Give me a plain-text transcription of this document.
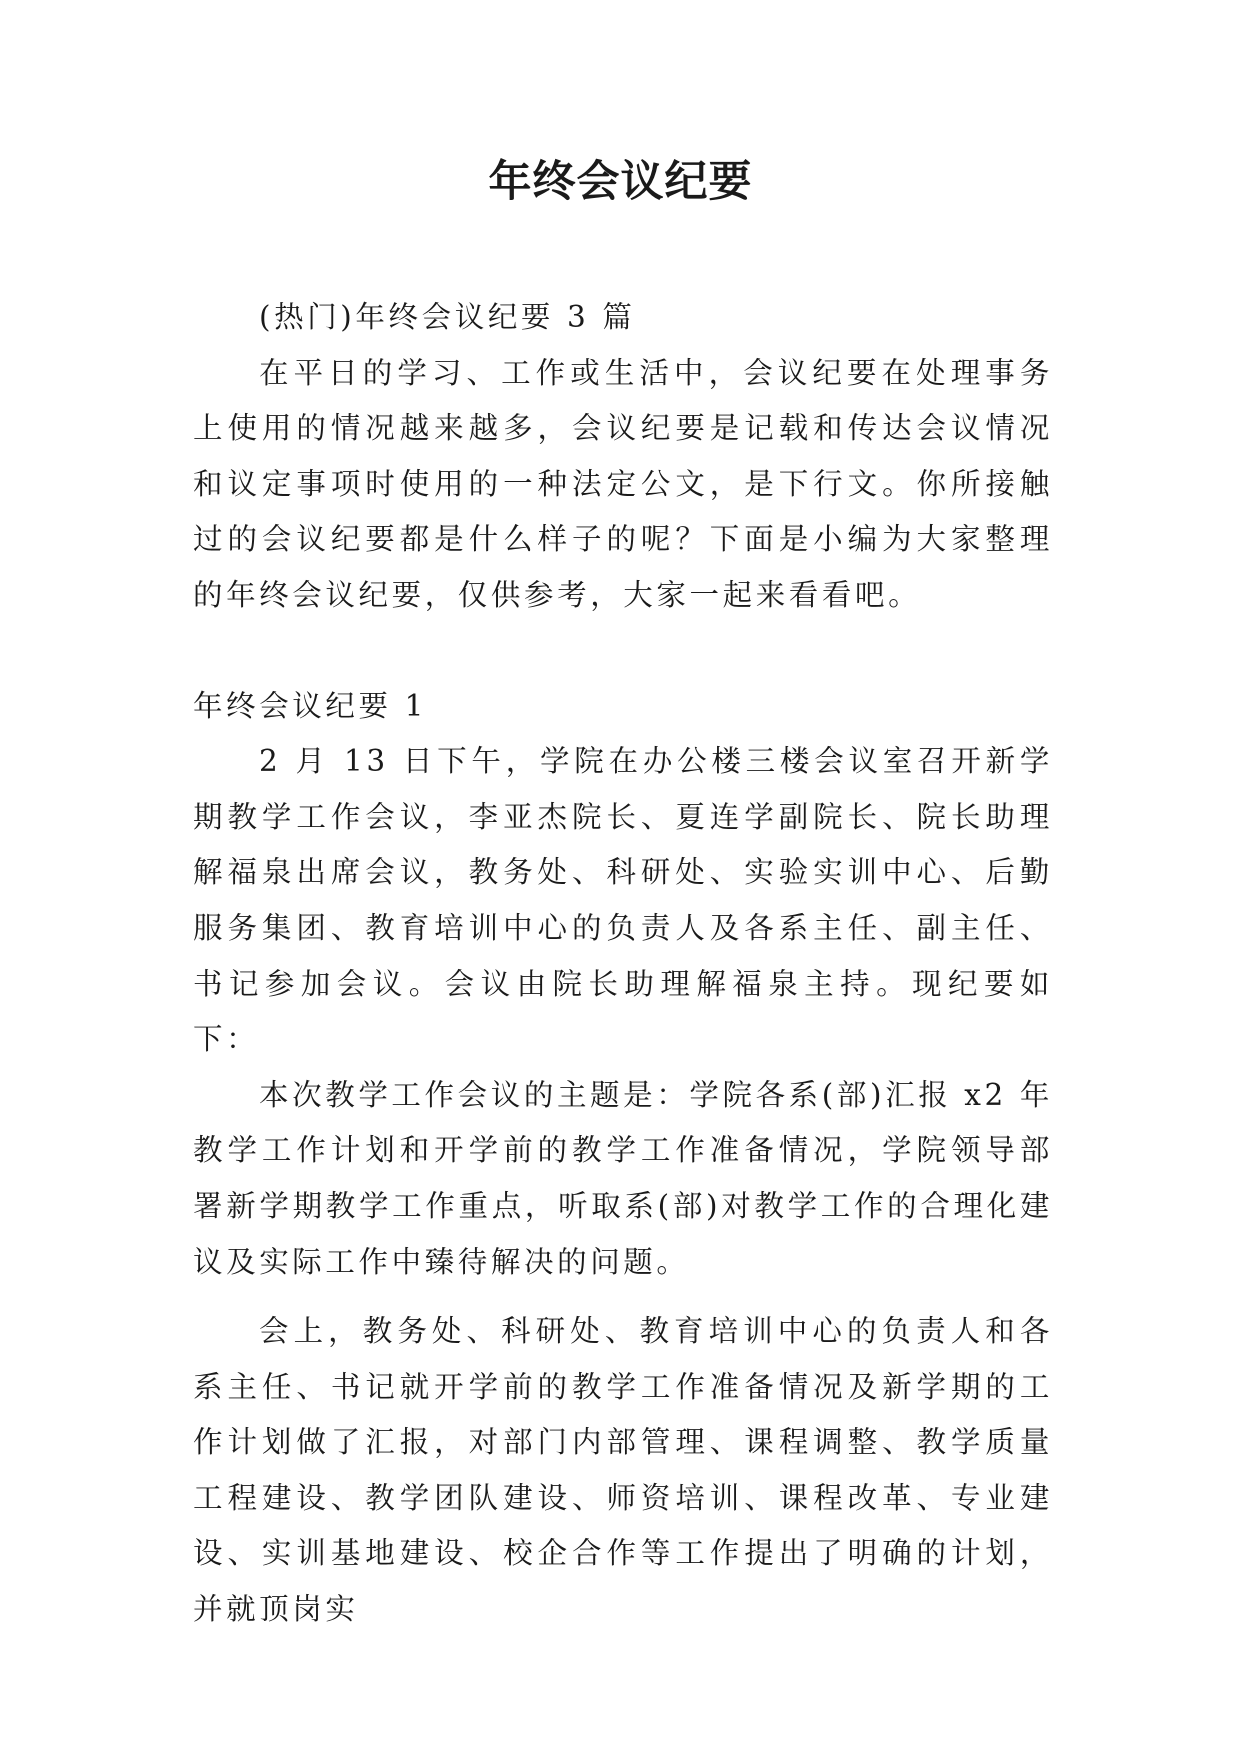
年终会议纪要

(热门)年终会议纪要 3 篇

在平日的学习、工作或生活中，会议纪要在处理事务上使用的情况越来越多，会议纪要是记载和传达会议情况和议定事项时使用的一种法定公文，是下行文。你所接触过的会议纪要都是什么样子的呢？下面是小编为大家整理的年终会议纪要，仅供参考，大家一起来看看吧。

年终会议纪要 1

2 月 13 日下午，学院在办公楼三楼会议室召开新学期教学工作会议，李亚杰院长、夏连学副院长、院长助理解福泉出席会议，教务处、科研处、实验实训中心、后勤服务集团、教育培训中心的负责人及各系主任、副主任、书记参加会议。会议由院长助理解福泉主持。现纪要如下：

本次教学工作会议的主题是：学院各系(部)汇报 x2 年教学工作计划和开学前的教学工作准备情况，学院领导部署新学期教学工作重点，听取系(部)对教学工作的合理化建议及实际工作中臻待解决的问题。

会上，教务处、科研处、教育培训中心的负责人和各系主任、书记就开学前的教学工作准备情况及新学期的工作计划做了汇报，对部门内部管理、课程调整、教学质量工程建设、教学团队建设、师资培训、课程改革、专业建设、实训基地建设、校企合作等工作提出了明确的计划，并就顶岗实
